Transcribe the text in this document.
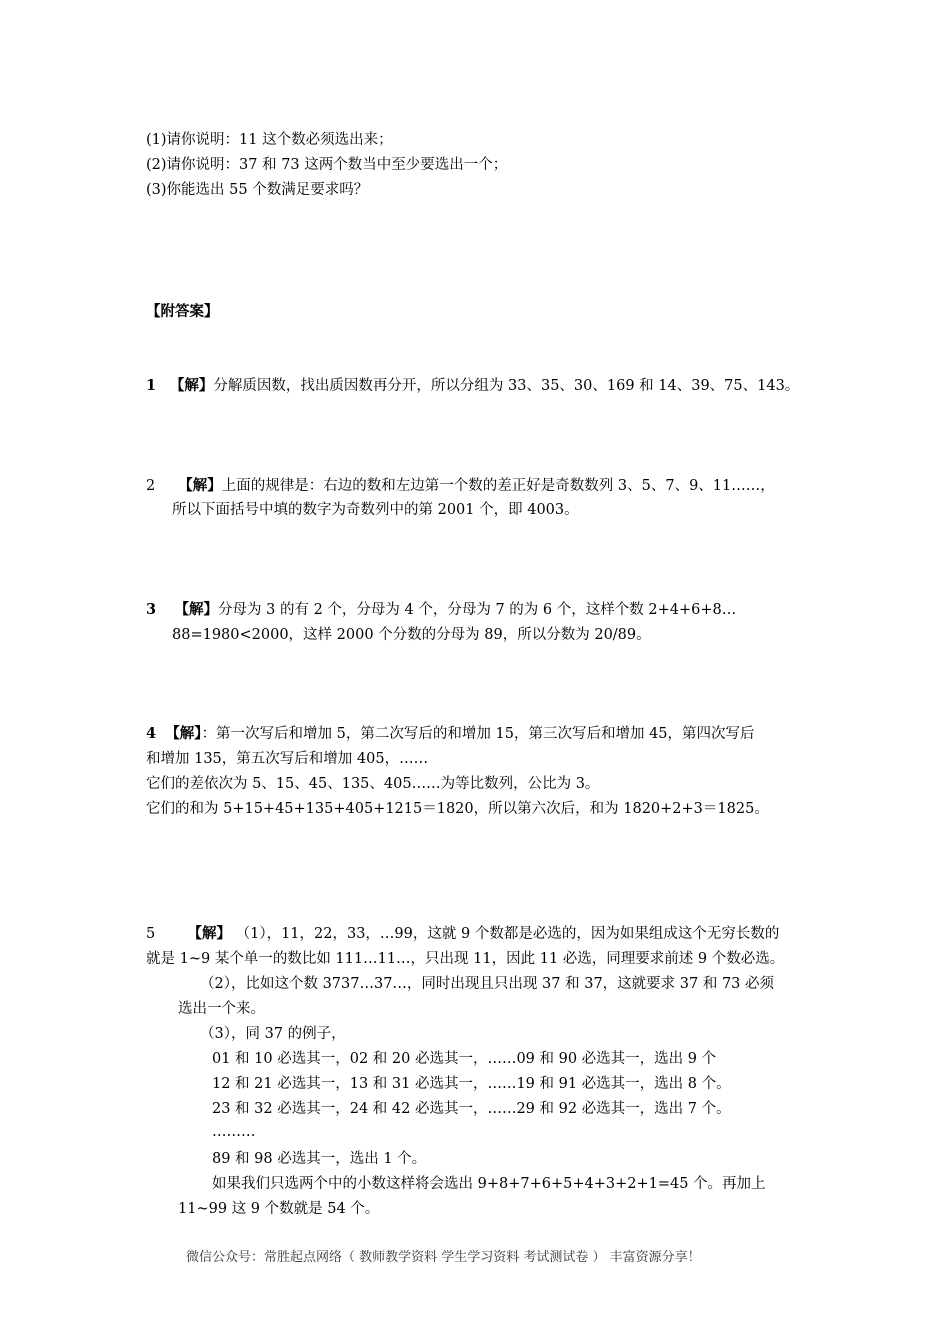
(1)请你说明：11 这个数必须选出来；
(2)请你说明：37 和 73 这两个数当中至少要选出一个；
(3)你能选出 55 个数满足要求吗？
【附答案】
1 【解】分解质因数，找出质因数再分开，所以分组为 33、35、30、169 和 14、39、75、143。
2 【解】上面的规律是：右边的数和左边第一个数的差正好是奇数数列 3、5、7、9、11……，
所以下面括号中填的数字为奇数列中的第 2001 个，即 4003。
3 【解】分母为 3 的有 2 个，分母为 4 个，分母为 7 的为 6 个，这样个数 2+4+6+8…
88=1980<2000，这样 2000 个分数的分母为 89，所以分数为 20/89。
4 【解】：第一次写后和增加 5，第二次写后的和增加 15，第三次写后和增加 45，第四次写后
和增加 135，第五次写后和增加 405，……
它们的差依次为 5、15、45、135、405……为等比数列，公比为 3。
它们的和为 5+15+45+135+405+1215＝1820，所以第六次后，和为 1820+2+3＝1825。
5 【解】 （1），11，22，33，…99，这就 9 个数都是必选的，因为如果组成这个无穷长数的
就是 1~9 某个单一的数比如 111…11…，只出现 11，因此 11 必选，同理要求前述 9 个数必选。
（2），比如这个数 3737…37…，同时出现且只出现 37 和 37，这就要求 37 和 73 必须
选出一个来。
（3），同 37 的例子，
01 和 10 必选其一，02 和 20 必选其一，……09 和 90 必选其一，选出 9 个
12 和 21 必选其一，13 和 31 必选其一，……19 和 91 必选其一，选出 8 个。
23 和 32 必选其一，24 和 42 必选其一，……29 和 92 必选其一，选出 7 个。
………
89 和 98 必选其一，选出 1 个。
如果我们只选两个中的小数这样将会选出 9+8+7+6+5+4+3+2+1=45 个。再加上
11~99 这 9 个数就是 54 个。
微信公众号：常胜起点网络（ 教师教学资料 学生学习资料 考试测试卷 ） 丰富资源分享！
